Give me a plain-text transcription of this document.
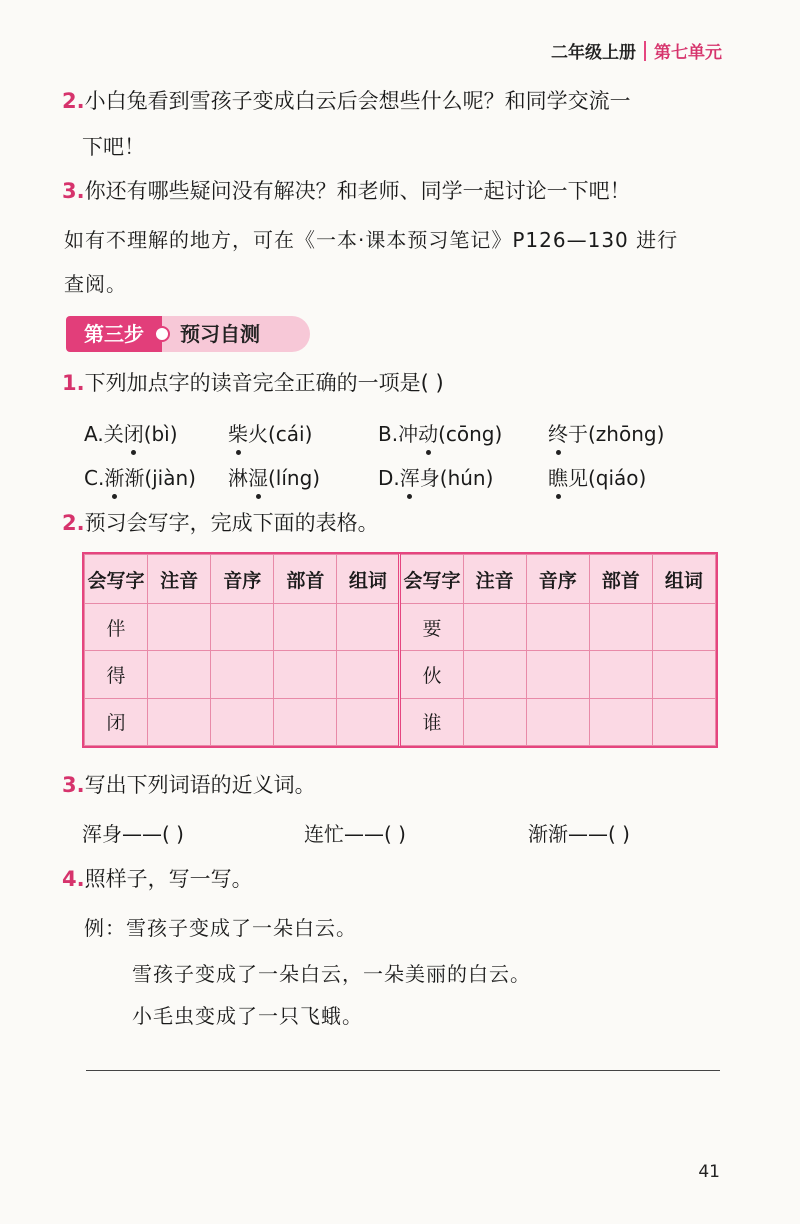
二年级上册 第七单元
2.小白兔看到雪孩子变成白云后会想些什么呢？和同学交流一
下吧！
3.你还有哪些疑问没有解决？和老师、同学一起讨论一下吧！
如有不理解的地方，可在《一本·课本预习笔记》P126—130 进行
查阅。
第三步	预习自测
1.下列加点字的读音完全正确的一项是( )
A.关闭(bì)	柴火(cái)	B.冲动(cōng) 终于(zhōng)
C.渐渐(jiàn) 淋湿(líng)	D.浑身(hún)	瞧见(qiáo)
2.预习会写字，完成下面的表格。
会写字	注音	音序	部首	组词	会写字	注音	音序	部首	组词
伴					要				
得					伙				
闭					谁				
3.写出下列词语的近义词。
浑身——( )	连忙——( )	渐渐——( )
4.照样子，写一写。
例：雪孩子变成了一朵白云。
雪孩子变成了一朵白云，一朵美丽的白云。
小毛虫变成了一只飞蛾。
41
